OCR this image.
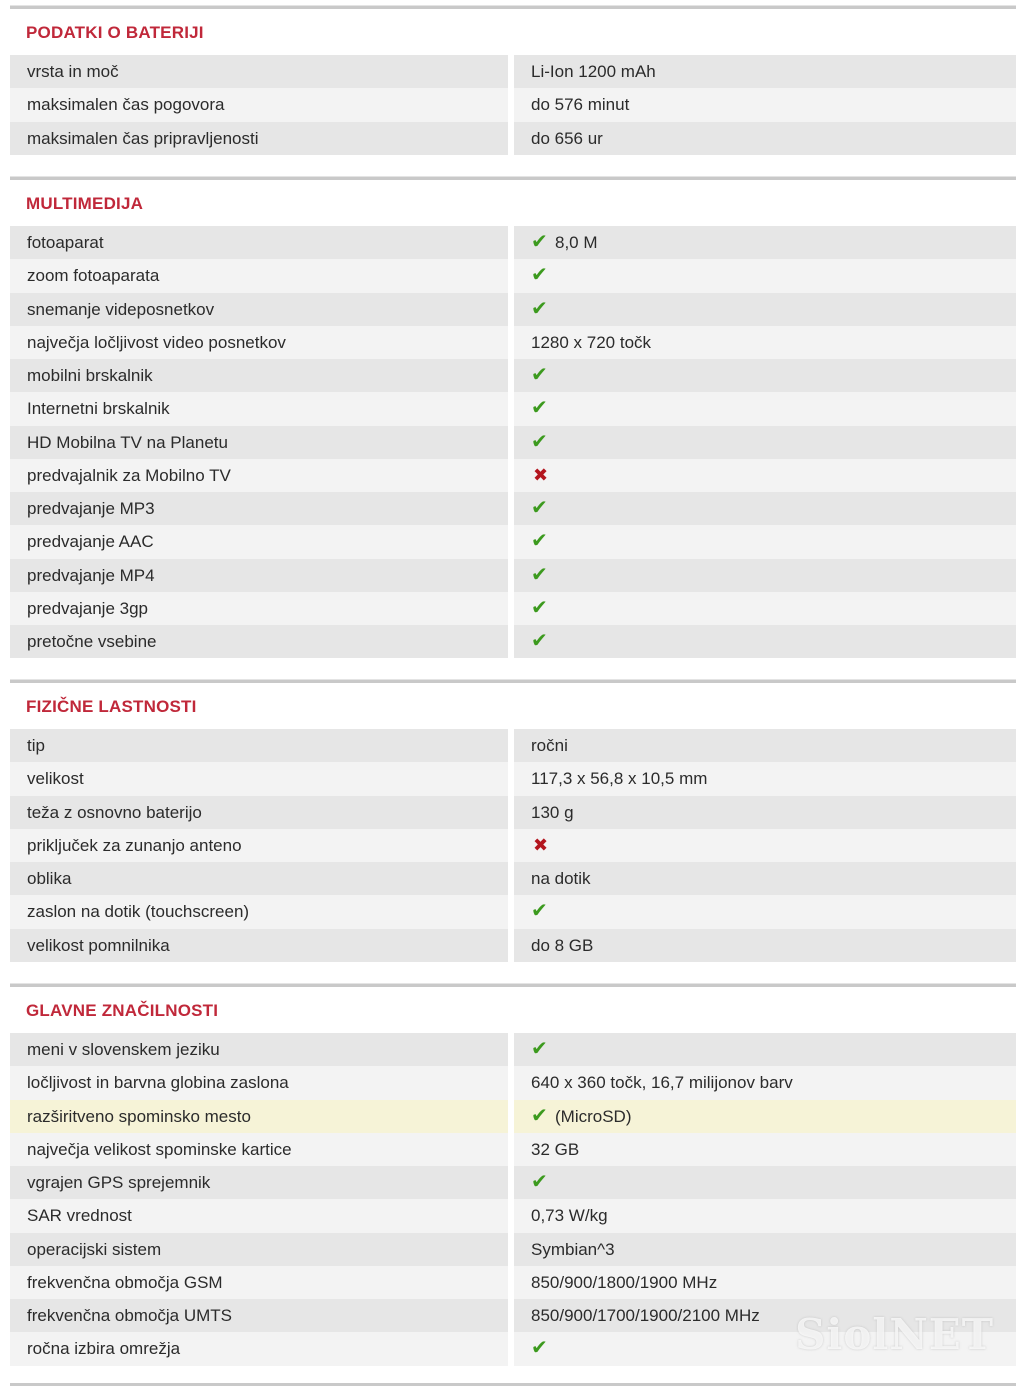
PODATKI O BATERIJI
vrsta in moč	Li-Ion 1200 mAh
maksimalen čas pogovora	do 576 minut
maksimalen čas pripravljenosti	do 656 ur
MULTIMEDIJA
fotoaparat	✔ 8,0 M
zoom fotoaparata	✔
snemanje videposnetkov	✔
največja ločljivost video posnetkov	1280 x 720 točk
mobilni brskalnik	✔
Internetni brskalnik	✔
HD Mobilna TV na Planetu	✔
predvajalnik za Mobilno TV	✖
predvajanje MP3	✔
predvajanje AAC	✔
predvajanje MP4	✔
predvajanje 3gp	✔
pretočne vsebine	✔
FIZIČNE LASTNOSTI
tip	ročni
velikost	117,3 x 56,8 x 10,5 mm
teža z osnovno baterijo	130 g
priključek za zunanjo anteno	✖
oblika	na dotik
zaslon na dotik (touchscreen)	✔
velikost pomnilnika	do 8 GB
GLAVNE ZNAČILNOSTI
meni v slovenskem jeziku	✔
ločljivost in barvna globina zaslona	640 x 360 točk, 16,7 milijonov barv
razširitveno spominsko mesto	✔ (MicroSD)
največja velikost spominske kartice	32 GB
vgrajen GPS sprejemnik	✔
SAR vrednost	0,73 W/kg
operacijski sistem	Symbian^3
frekvenčna območja GSM	850/900/1800/1900 MHz
frekvenčna območja UMTS	850/900/1700/1900/2100 MHz
ročna izbira omrežja	✔	SiolNET
